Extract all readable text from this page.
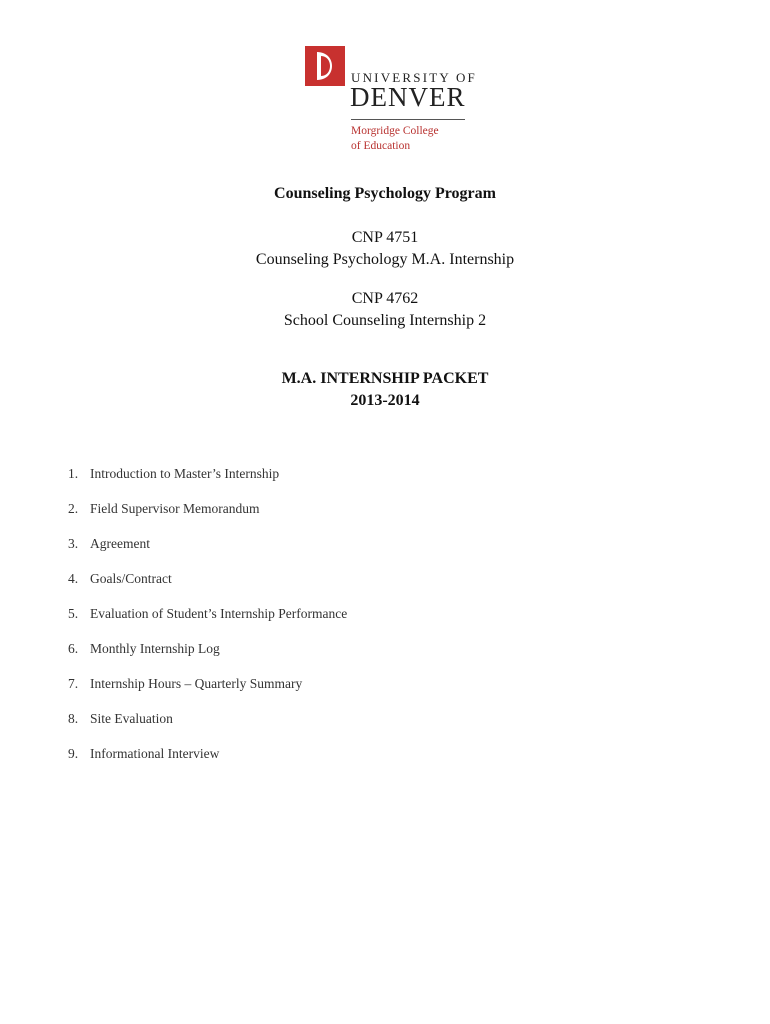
UNIVERSITY OF
DENVER
Morgridge College
of Education
Counseling Psychology Program
CNP 4751
Counseling Psychology M.A. Internship
CNP 4762
School Counseling Internship 2
M.A. INTERNSHIP PACKET
2013-2014
1. Introduction to Master’s Internship
2. Field Supervisor Memorandum
3. Agreement
4. Goals/Contract
5. Evaluation of Student’s Internship Performance
6. Monthly Internship Log
7. Internship Hours – Quarterly Summary
8. Site Evaluation
9. Informational Interview
